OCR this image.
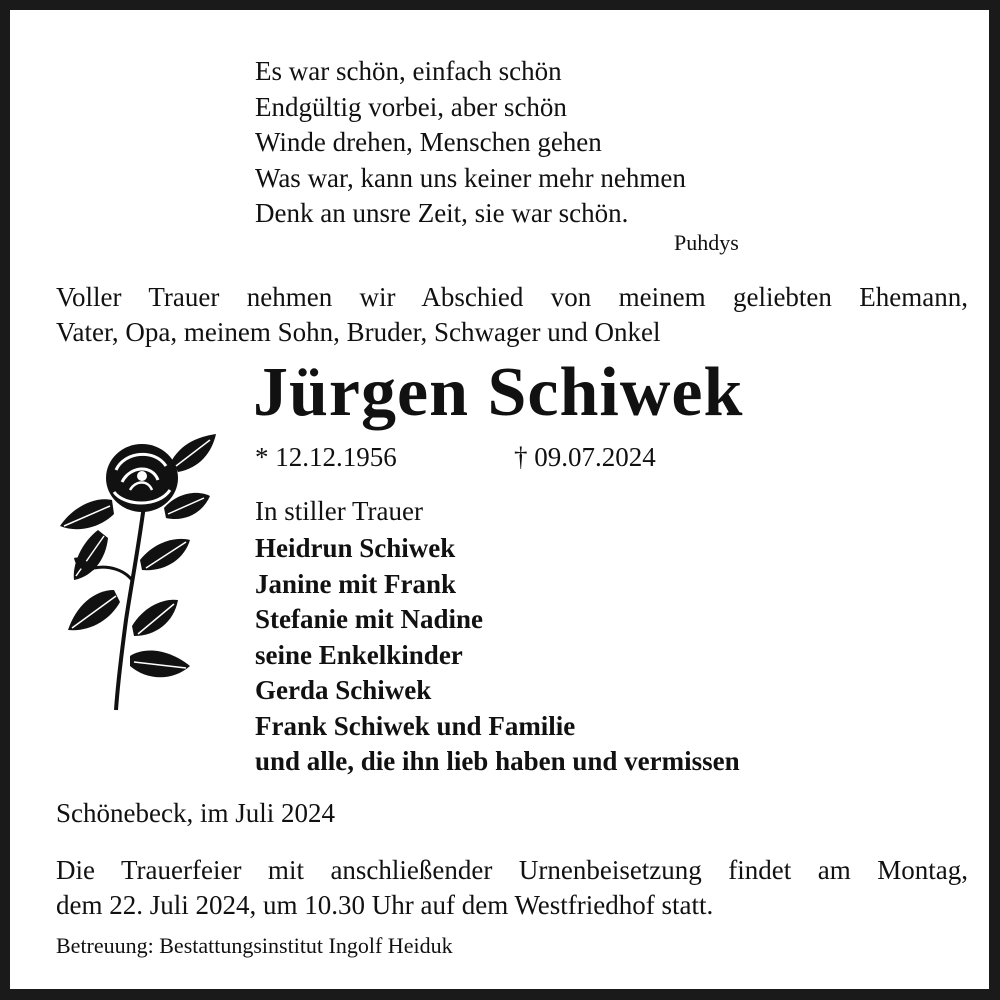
Es war schön, einfach schön
Endgültig vorbei, aber schön
Winde drehen, Menschen gehen
Was war, kann uns keiner mehr nehmen
Denk an unsre Zeit, sie war schön.
Puhdys
Voller Trauer nehmen wir Abschied von meinem geliebten Ehemann,
Vater, Opa, meinem Sohn, Bruder, Schwager und Onkel
Jürgen Schiwek
* 12.12.1956	† 09.07.2024
In stiller Trauer
Heidrun Schiwek
Janine mit Frank
Stefanie mit Nadine
seine Enkelkinder
Gerda Schiwek
Frank Schiwek und Familie
und alle, die ihn lieb haben und vermissen
Schönebeck, im Juli 2024
Die Trauerfeier mit anschließender Urnenbeisetzung findet am Montag,
dem 22. Juli 2024, um 10.30 Uhr auf dem Westfriedhof statt.
Betreuung: Bestattungsinstitut Ingolf Heiduk
